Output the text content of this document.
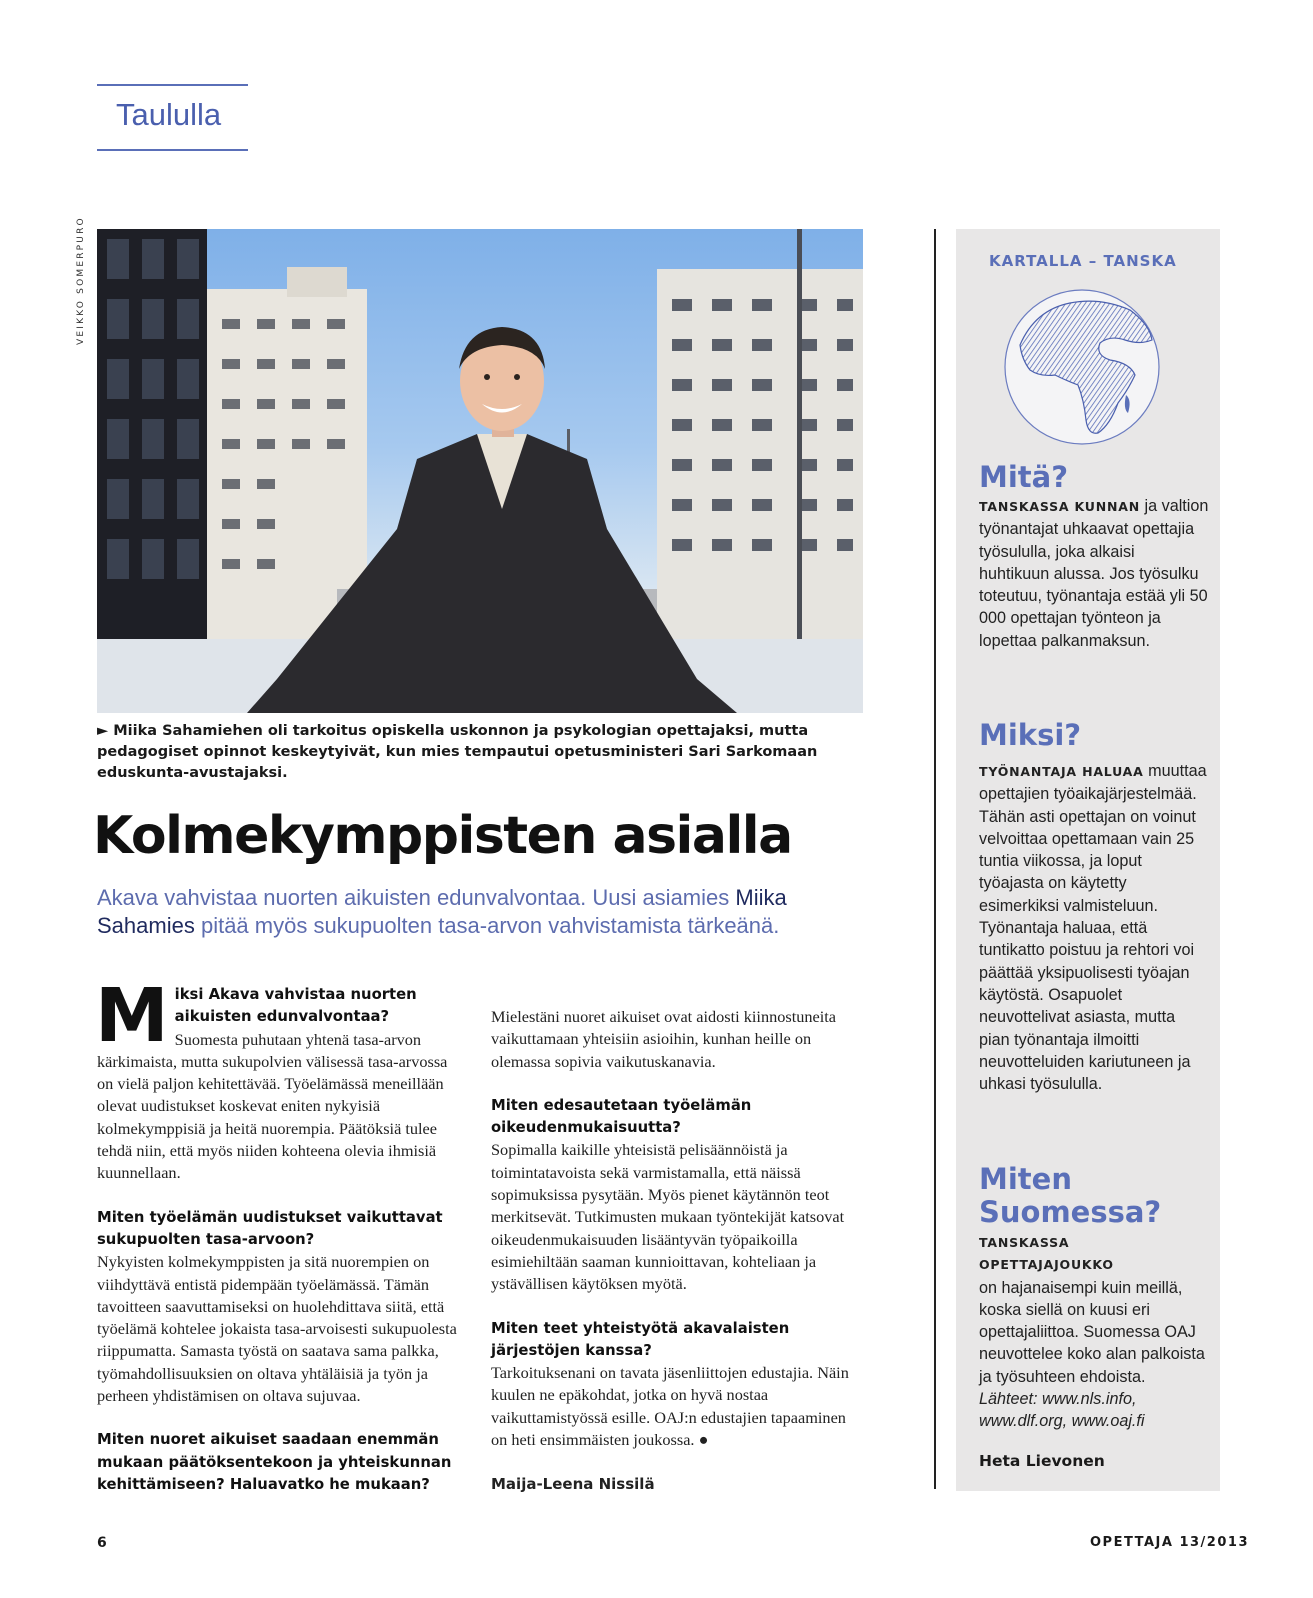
Taululla
VEIKKO SOMERPURO
► Miika Sahamiehen oli tarkoitus opiskella uskonnon ja psykologian opettajaksi, mutta pedagogiset opinnot keskeytyivät, kun mies tempautui opetusministeri Sari Sarkomaan eduskunta-avustajaksi.
Kolmekymppisten asialla
Akava vahvistaa nuorten aikuisten edunvalvontaa. Uusi asiamies Miika Sahamies pitää myös sukupuolten tasa-arvon vahvistamista tärkeänä.
M iksi Akava vahvistaa nuorten aikuisten edunvalvontaa?

Suomesta puhutaan yhtenä tasa-arvon kärkimaista, mutta sukupolvien välisessä tasa-arvossa on vielä paljon kehitettävää. Työelämässä meneillään olevat uudistukset koskevat eniten nykyisiä kolmekymppisiä ja heitä nuorempia. Päätöksiä tulee tehdä niin, että myös niiden kohteena olevia ihmisiä kuunnellaan.

Miten työelämän uudistukset vaikuttavat sukupuolten tasa-arvoon?

Nykyisten kolmekymppisten ja sitä nuorempien on viihdyttävä entistä pidempään työelämässä. Tämän tavoitteen saavuttamiseksi on huolehdittava siitä, että työelämä kohtelee jokaista tasa-arvoisesti sukupuolesta riippumatta. Samasta työstä on saatava sama palkka, työmahdollisuuksien on oltava yhtäläisiä ja työn ja perheen yhdistämisen on oltava sujuvaa.

Miten nuoret aikuiset saadaan enemmän mukaan päätöksentekoon ja yhteiskunnan kehittämiseen? Haluavatko he mukaan?

Mielestäni nuoret aikuiset ovat aidosti kiinnostuneita vaikuttamaan yhteisiin asioihin, kunhan heille on olemassa sopivia vaikutuskanavia.

Miten edesautetaan työelämän oikeudenmukaisuutta?

Sopimalla kaikille yhteisistä pelisäännöistä ja toimintatavoista sekä varmistamalla, että näissä sopimuksissa pysytään. Myös pienet käytännön teot merkitsevät. Tutkimusten mukaan työntekijät katsovat oikeudenmukaisuuden lisääntyvän työpaikoilla esimiehiltään saaman kunnioittavan, kohteliaan ja ystävällisen käytöksen myötä.

Miten teet yhteistyötä akavalaisten järjestöjen kanssa?

Tarkoituksenani on tavata jäsenliittojen edustajia. Näin kuulen ne epäkohdat, jotka on hyvä nostaa vaikuttamistyössä esille. OAJ:n edustajien tapaaminen on heti ensimmäisten joukossa. ●

Maija-Leena Nissilä

KARTALLA – TANSKA
Mitä?
TANSKASSA KUNNAN ja valtion työnantajat uhkaavat opettajia työsululla, joka alkaisi huhtikuun alussa. Jos työsulku toteutuu, työnantaja estää yli 50 000 opettajan työnteon ja lopettaa palkanmaksun.
Miksi?
TYÖNANTAJA HALUAA muuttaa opettajien työaikajärjestelmää. Tähän asti opettajan on voinut velvoittaa opettamaan vain 25 tuntia viikossa, ja loput työajasta on käytetty esimerkiksi valmisteluun. Työnantaja haluaa, että tuntikatto poistuu ja rehtori voi päättää yksipuolisesti työajan käytöstä. Osapuolet neuvottelivat asiasta, mutta pian työnantaja ilmoitti neuvotteluiden kariutuneen ja uhkasi työsululla.
Miten
Suomessa?
TANSKASSA OPETTAJAJOUKKO
on hajanaisempi kuin meillä, koska siellä on kuusi eri opettajaliittoa. Suomessa OAJ neuvottelee koko alan palkoista ja työsuhteen ehdoista.
Lähteet: www.nls.info, www.dlf.org, www.oaj.fi
Heta Lievonen
6	OPETTAJA 13/2013
